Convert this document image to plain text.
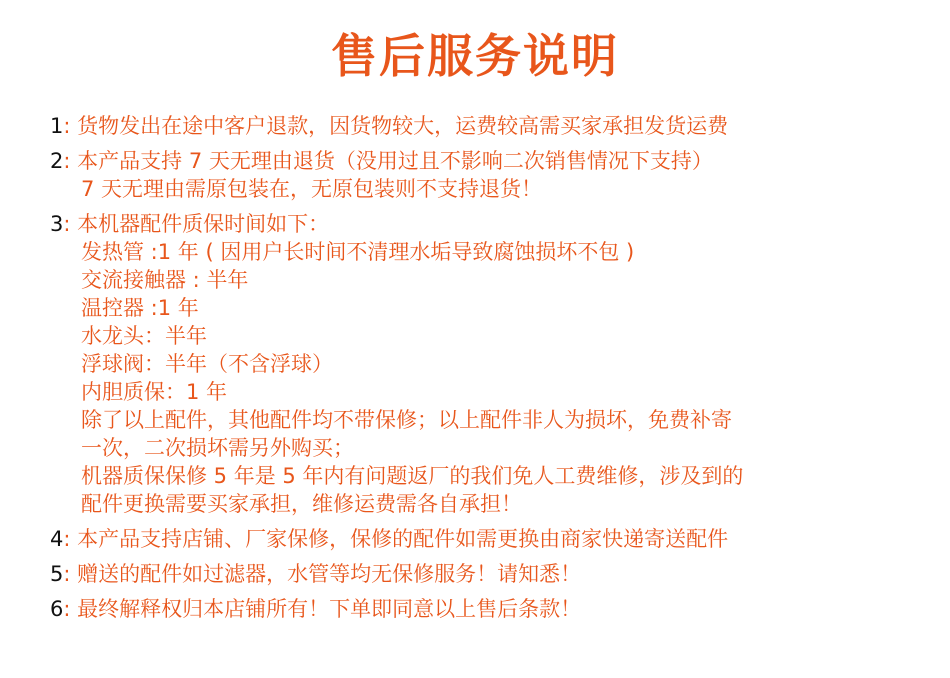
售后服务说明
1: 货物发出在途中客户退款，因货物较大，运费较高需买家承担发货运费
2: 本产品支持 7 天无理由退货（没用过且不影响二次销售情况下支持）
7 天无理由需原包装在，无原包装则不支持退货！
3: 本机器配件质保时间如下：
发热管 :1 年 ( 因用户长时间不清理水垢导致腐蚀损坏不包 )
交流接触器 : 半年
温控器 :1 年
水龙头：半年
浮球阀：半年（不含浮球）
内胆质保：1 年
除了以上配件，其他配件均不带保修；以上配件非人为损坏，免费补寄
一次，二次损坏需另外购买；
机器质保保修 5 年是 5 年内有问题返厂的我们免人工费维修，涉及到的
配件更换需要买家承担，维修运费需各自承担！
4: 本产品支持店铺、厂家保修，保修的配件如需更换由商家快递寄送配件
5: 赠送的配件如过滤器，水管等均无保修服务！请知悉！
6: 最终解释权归本店铺所有！下单即同意以上售后条款！
